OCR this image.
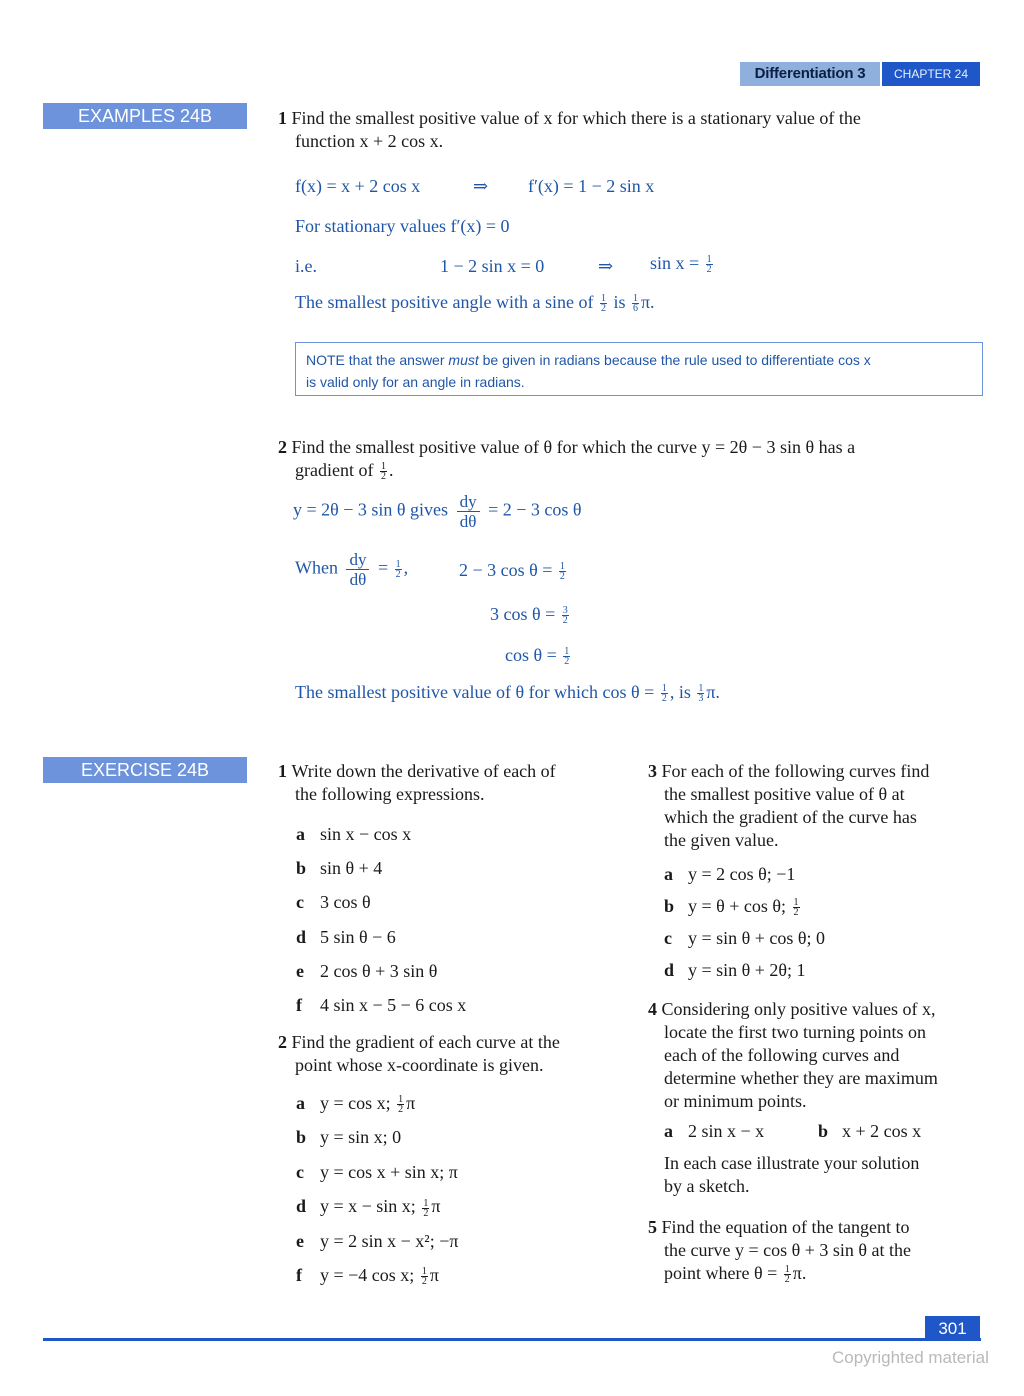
Differentiation 3	CHAPTER 24
EXAMPLES 24B	1 Find the smallest positive value of x for which there is a stationary value of the
function x + 2 cos x.
f(x) = x + 2 cos x	⇒ f′(x) = 1 − 2 sin x
For stationary values f′(x) = 0
i.e.	1 − 2 sin x = 0	⇒ $\sin x = \frac{1}{2}$
The smallest positive angle with a sine of $\frac{1}{2}$ is $\frac{1}{6} \pi$.
NOTE that the answer must be given in radians because the rule used to differentiate cos x
is valid only for an angle in radians.
2 Find the smallest positive value of θ for which the curve y = 2θ − 3 sin θ has a
gradient of $\frac{1}{2}$ .
y = 2θ − 3 sin θ gives $\frac{dy}{d\theta} = 2 - 3$ cos θ
When $\frac{dy}{d\theta} = \frac{1}{2}$ ,	2 − 3 $\cos \theta = \frac{1}{2}$
3 $\cos \theta = \frac{3}{2}$
$\cos \theta = \frac{1}{2}$
The smallest positive value of θ for which $\cos \theta = \frac{1}{2}$ , is $\frac{1}{3} \pi$.
EXERCISE 24B	1 Write down the derivative of each of
the following expressions.
a sin x − cos x
b sin θ + 4
c 3 cos θ
d 5 sin θ − 6
e 2 cos θ + 3 sin θ
f 4 sin x − 5 − 6 cos x
2 Find the gradient of each curve at the
point whose x-coordinate is given.
a y = cos x; $\frac{1}{2}$ π
b y = sin x; 0
c y = cos x + sin x; π
d y = x − sin x; $\frac{1}{2}$ π
e y = 2 sin x − x²; −π
f y = −4 cos x; $\frac{1}{2}$ π
3 For each of the following curves find
the smallest positive value of θ at
which the gradient of the curve has
the given value.
a y = 2 cos θ; −1
b y = θ + cos θ; $\frac{1}{2}$
c y = sin θ + cos θ; 0
d y = sin θ + 2θ; 1
4 Considering only positive values of x,
locate the first two turning points on
each of the following curves and
determine whether they are maximum
or minimum points.
a 2 sin x − x	b x + 2 cos x
In each case illustrate your solution
by a sketch.
5 Find the equation of the tangent to
the curve y = cos θ + 3 sin θ at the
point where $\theta = \frac{1}{2} \pi$.
301
Copyrighted material
